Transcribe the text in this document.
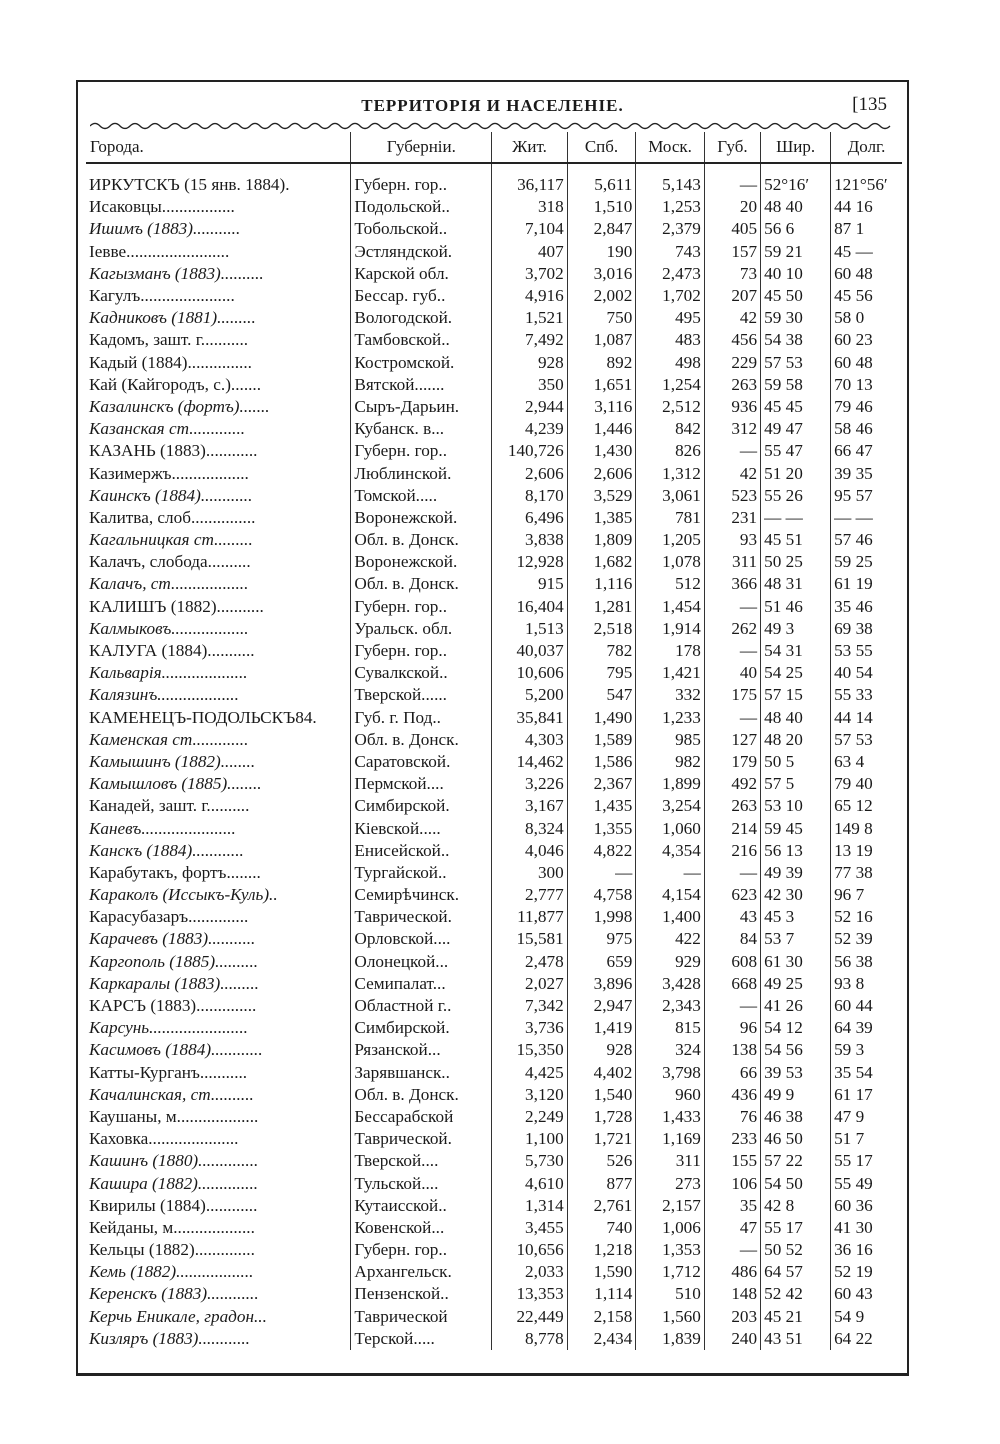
ТЕРРИТОРІЯ И НАСЕЛЕНІЕ.	[135
Города.	Губерніи.	Жит.	Спб.	Моск.	Губ.	Шир.	Долг.

ИРКУТСКЪ (15 янв. 1884).	Губерн. гор..	36,117	5,611	5,143	—	52°16′	121°56′
Исаковцы.................	Подольской..	318	1,510	1,253	20	48 40	44 16
Ишимъ (1883)...........	Тобольской..	7,104	2,847	2,379	405	56 6	87 1
Іевве........................	Эстляндской.	407	190	743	157	59 21	45 —
Кагызманъ (1883)..........	Карской обл.	3,702	3,016	2,473	73	40 10	60 48
Кагулъ......................	Бессар. губ..	4,916	2,002	1,702	207	45 50	45 56
Кадниковъ (1881).........	Вологодской.	1,521	750	495	42	59 30	58 0
Кадомъ, зашт. г...........	Тамбовской..	7,492	1,087	483	456	54 38	60 23
Кадый (1884)...............	Костромской.	928	892	498	229	57 53	60 48
Кай (Кайгородъ, с.).......	Вятской.......	350	1,651	1,254	263	59 58	70 13
Казалинскъ (фортъ).......	Сыръ-Дарьин.	2,944	3,116	2,512	936	45 45	79 46
Казанская ст.............	Кубанск. в...	4,239	1,446	842	312	49 47	58 46
КАЗАНЬ (1883)............	Губерн. гор..	140,726	1,430	826	—	55 47	66 47
Казимержъ..................	Люблинской.	2,606	2,606	1,312	42	51 20	39 35
Каинскъ (1884)............	Томской.....	8,170	3,529	3,061	523	55 26	95 57
Калитва, слоб...............	Воронежской.	6,496	1,385	781	231	— —	— —
Кагальницкая ст.........	Обл. в. Донск.	3,838	1,809	1,205	93	45 51	57 46
Калачъ, слобода..........	Воронежской.	12,928	1,682	1,078	311	50 25	59 25
Калачъ, ст..................	Обл. в. Донск.	915	1,116	512	366	48 31	61 19
КАЛИШЪ (1882)...........	Губерн. гор..	16,404	1,281	1,454	—	51 46	35 46
Калмыковъ..................	Уральск. обл.	1,513	2,518	1,914	262	49 3	69 38
КАЛУГА (1884)...........	Губерн. гор..	40,037	782	178	—	54 31	53 55
Кальварія....................	Сувалкской..	10,606	795	1,421	40	54 25	40 54
Калязинъ...................	Тверской......	5,200	547	332	175	57 15	55 33
КАМЕНЕЦЪ-ПОДОЛЬСКЪ84.	Губ. г. Под..	35,841	1,490	1,233	—	48 40	44 14
Каменская ст.............	Обл. в. Донск.	4,303	1,589	985	127	48 20	57 53
Камышинъ (1882)........	Саратовской.	14,462	1,586	982	179	50 5	63 4
Камышловъ (1885)........	Пермской....	3,226	2,367	1,899	492	57 5	79 40
Канадей, зашт. г..........	Симбирской.	3,167	1,435	3,254	263	53 10	65 12
Каневъ......................	Кіевской.....	8,324	1,355	1,060	214	59 45	149 8
Канскъ (1884)............	Енисейской..	4,046	4,822	4,354	216	56 13	13 19
Карабутакъ, фортъ........	Тургайской..	300	—	—	—	49 39	77 38
Караколъ (Иссыкъ-Куль)..	Семирѣчинск.	2,777	4,758	4,154	623	42 30	96 7
Карасубазаръ..............	Таврической.	11,877	1,998	1,400	43	45 3	52 16
Карачевъ (1883)...........	Орловской....	15,581	975	422	84	53 7	52 39
Каргополь (1885)..........	Олонецкой...	2,478	659	929	608	61 30	56 38
Каркаралы (1883).........	Семипалат...	2,027	3,896	3,428	668	49 25	93 8
КАРСЪ (1883)..............	Областной г..	7,342	2,947	2,343	—	41 26	60 44
Карсунь.......................	Симбирской.	3,736	1,419	815	96	54 12	64 39
Касимовъ (1884)............	Рязанской...	15,350	928	324	138	54 56	59 3
Катты-Курганъ...........	Зарявшанск..	4,425	4,402	3,798	66	39 53	35 54
Качалинская, ст..........	Обл. в. Донск.	3,120	1,540	960	436	49 9	61 17
Каушаны, м...................	Бессарабской	2,249	1,728	1,433	76	46 38	47 9
Каховка.....................	Таврической.	1,100	1,721	1,169	233	46 50	51 7
Кашинъ (1880)..............	Тверской....	5,730	526	311	155	57 22	55 17
Кашира (1882)..............	Тульской....	4,610	877	273	106	54 50	55 49
Квирилы (1884)............	Кутаисской..	1,314	2,761	2,157	35	42 8	60 36
Кейданы, м...................	Ковенской...	3,455	740	1,006	47	55 17	41 30
Кельцы (1882)..............	Губерн. гор..	10,656	1,218	1,353	—	50 52	36 16
Кемь (1882)..................	Архангельск.	2,033	1,590	1,712	486	64 57	52 19
Керенскъ (1883)............	Пензенской..	13,353	1,114	510	148	52 42	60 43
Керчь Еникале, градон...	Таврической	22,449	2,158	1,560	203	45 21	54 9
Кизляръ (1883)............	Терской.....	8,778	2,434	1,839	240	43 51	64 22
